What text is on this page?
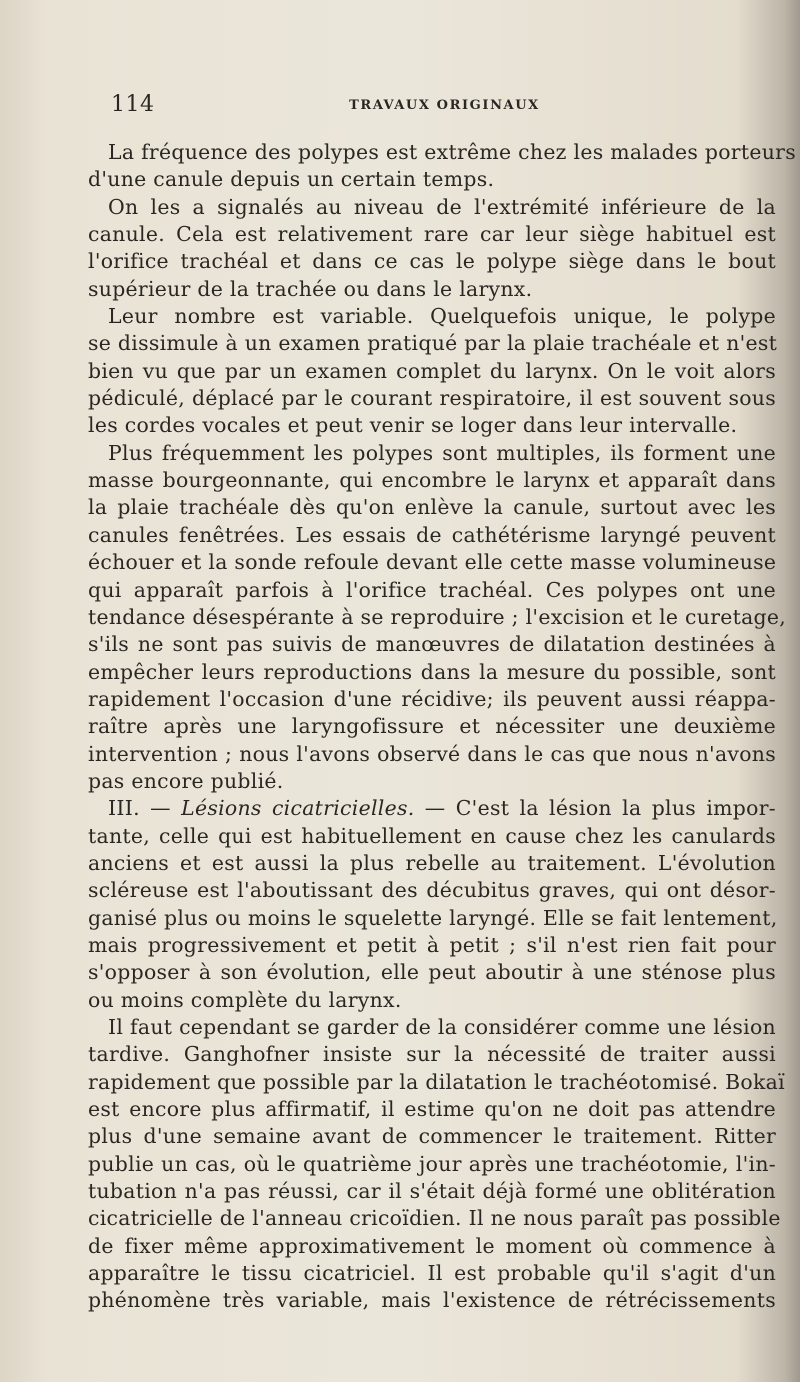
114	TRAVAUX ORIGINAUX
La fréquence des polypes est extrême chez les malades porteurs
d'une canule depuis un certain temps.
On les a signalés au niveau de l'extrémité inférieure de la
canule. Cela est relativement rare car leur siège habituel est
l'orifice trachéal et dans ce cas le polype siège dans le bout
supérieur de la trachée ou dans le larynx.
Leur nombre est variable. Quelquefois unique, le polype
se dissimule à un examen pratiqué par la plaie trachéale et n'est
bien vu que par un examen complet du larynx. On le voit alors
pédiculé, déplacé par le courant respiratoire, il est souvent sous
les cordes vocales et peut venir se loger dans leur intervalle.
Plus fréquemment les polypes sont multiples, ils forment une
masse bourgeonnante, qui encombre le larynx et apparaît dans
la plaie trachéale dès qu'on enlève la canule, surtout avec les
canules fenêtrées. Les essais de cathétérisme laryngé peuvent
échouer et la sonde refoule devant elle cette masse volumineuse
qui apparaît parfois à l'orifice trachéal. Ces polypes ont une
tendance désespérante à se reproduire ; l'excision et le curetage,
s'ils ne sont pas suivis de manœuvres de dilatation destinées à
empêcher leurs reproductions dans la mesure du possible, sont
rapidement l'occasion d'une récidive; ils peuvent aussi réappa-
raître après une laryngofissure et nécessiter une deuxième
intervention ; nous l'avons observé dans le cas que nous n'avons
pas encore publié.
III. — Lésions cicatricielles. — C'est la lésion la plus impor-
tante, celle qui est habituellement en cause chez les canulards
anciens et est aussi la plus rebelle au traitement. L'évolution
scléreuse est l'aboutissant des décubitus graves, qui ont désor-
ganisé plus ou moins le squelette laryngé. Elle se fait lentement,
mais progressivement et petit à petit ; s'il n'est rien fait pour
s'opposer à son évolution, elle peut aboutir à une sténose plus
ou moins complète du larynx.
Il faut cependant se garder de la considérer comme une lésion
tardive. Ganghofner insiste sur la nécessité de traiter aussi
rapidement que possible par la dilatation le trachéotomisé. Bokaï
est encore plus affirmatif, il estime qu'on ne doit pas attendre
plus d'une semaine avant de commencer le traitement. Ritter
publie un cas, où le quatrième jour après une trachéotomie, l'in-
tubation n'a pas réussi, car il s'était déjà formé une oblitération
cicatricielle de l'anneau cricoïdien. Il ne nous paraît pas possible
de fixer même approximativement le moment où commence à
apparaître le tissu cicatriciel. Il est probable qu'il s'agit d'un
phénomène très variable, mais l'existence de rétrécissements
